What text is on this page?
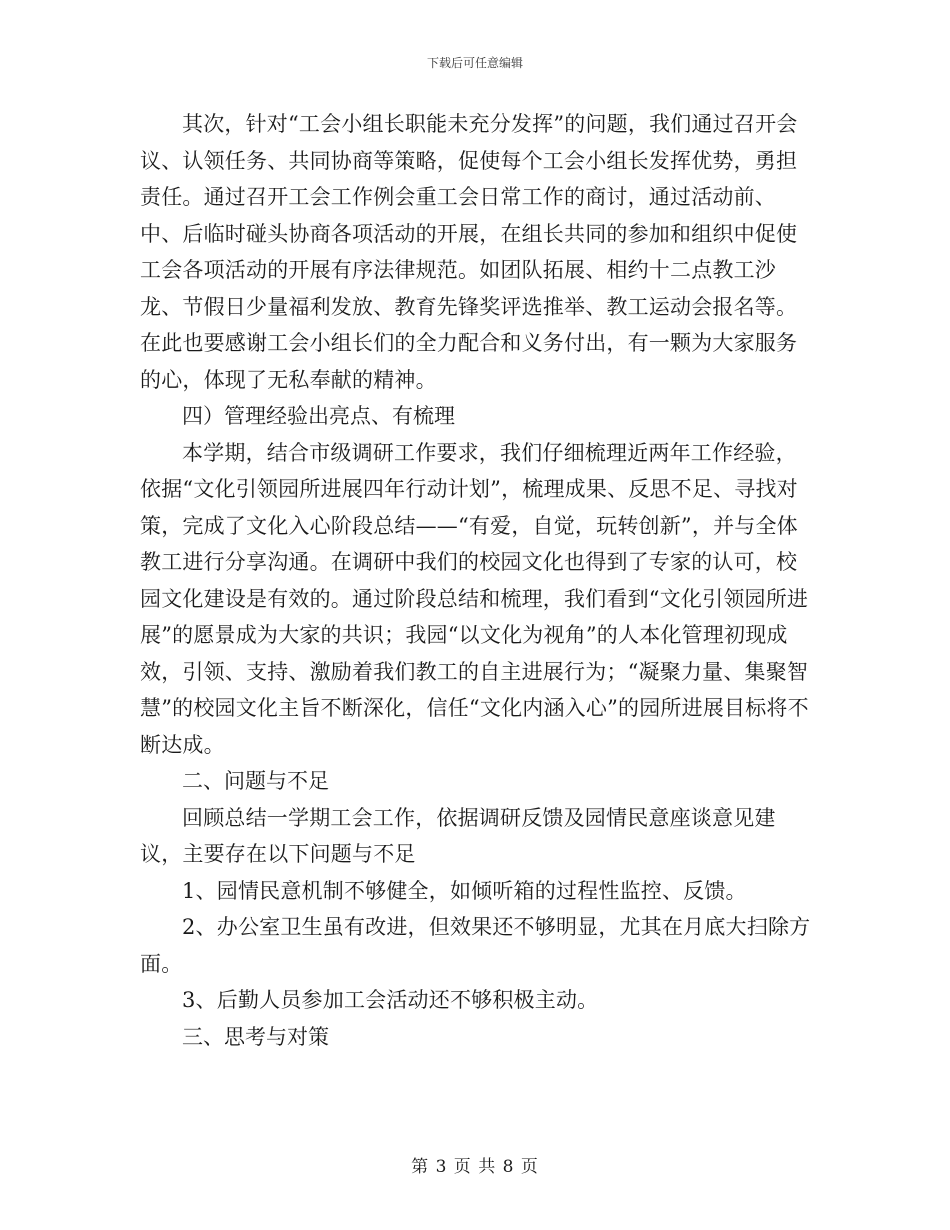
下载后可任意编辑

其次，针对“工会小组长职能未充分发挥”的问题，我们通过召开会议、认领任务、共同协商等策略，促使每个工会小组长发挥优势，勇担责任。通过召开工会工作例会重工会日常工作的商讨，通过活动前、中、后临时碰头协商各项活动的开展，在组长共同的参加和组织中促使工会各项活动的开展有序法律规范。如团队拓展、相约十二点教工沙龙、节假日少量福利发放、教育先锋奖评选推举、教工运动会报名等。在此也要感谢工会小组长们的全力配合和义务付出，有一颗为大家服务的心，体现了无私奉献的精神。

四）管理经验出亮点、有梳理

本学期，结合市级调研工作要求，我们仔细梳理近两年工作经验，依据“文化引领园所进展四年行动计划”，梳理成果、反思不足、寻找对策，完成了文化入心阶段总结——“有爱，自觉，玩转创新”，并与全体教工进行分享沟通。在调研中我们的校园文化也得到了专家的认可，校园文化建设是有效的。通过阶段总结和梳理，我们看到“文化引领园所进展”的愿景成为大家的共识；我园“以文化为视角”的人本化管理初现成效，引领、支持、激励着我们教工的自主进展行为；“凝聚力量、集聚智慧”的校园文化主旨不断深化，信任“文化内涵入心”的园所进展目标将不断达成。

二、问题与不足

回顾总结一学期工会工作，依据调研反馈及园情民意座谈意见建议，主要存在以下问题与不足

1、园情民意机制不够健全，如倾听箱的过程性监控、反馈。

2、办公室卫生虽有改进，但效果还不够明显，尤其在月底大扫除方面。

3、后勤人员参加工会活动还不够积极主动。

三、思考与对策

第 3 页 共 8 页
